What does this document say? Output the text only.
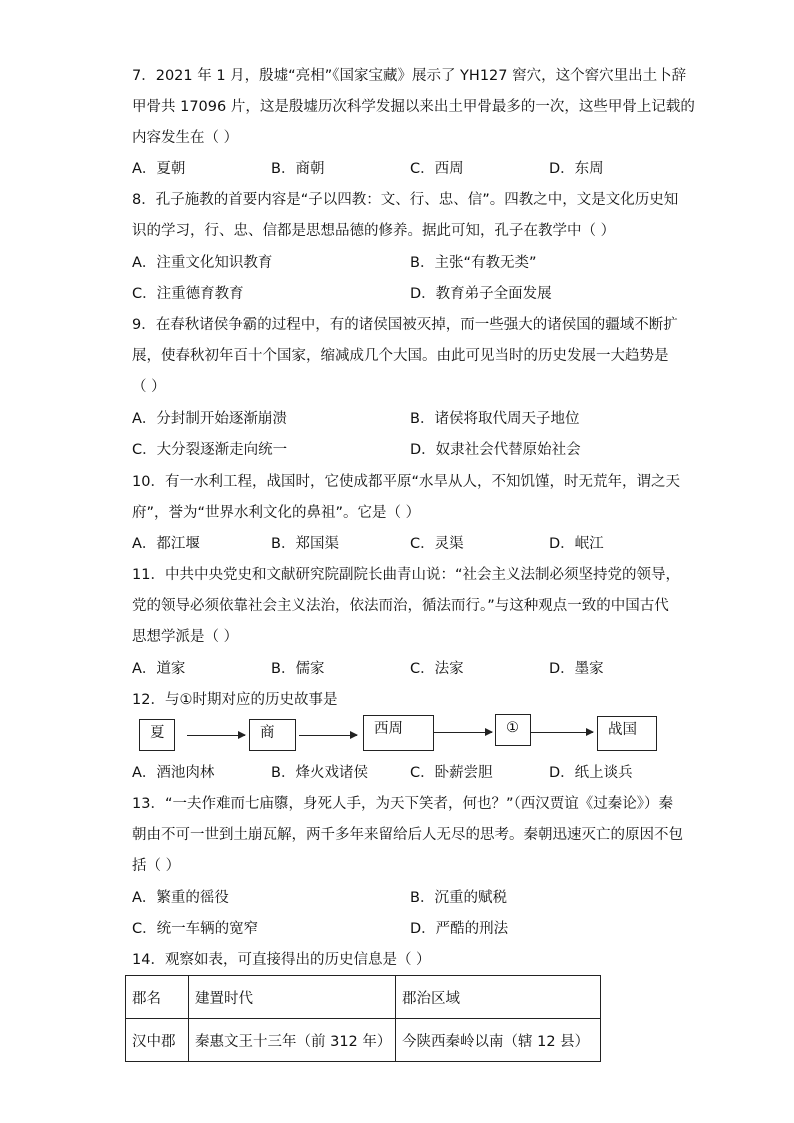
7．2021 年 1 月，殷墟“亮相”《国家宝藏》展示了 YH127 窖穴，这个窖穴里出土卜辞
甲骨共 17096 片，这是殷墟历次科学发掘以来出土甲骨最多的一次，这些甲骨上记载的
内容发生在（ ）
A．夏朝	B．商朝	C．西周	D．东周
8．孔子施教的首要内容是“子以四教：文、行、忠、信”。四教之中，文是文化历史知
识的学习，行、忠、信都是思想品德的修养。据此可知，孔子在教学中（ ）
A．注重文化知识教育	B．主张“有教无类”
C．注重德育教育	D．教育弟子全面发展
9．在春秋诸侯争霸的过程中，有的诸侯国被灭掉，而一些强大的诸侯国的疆域不断扩
展，使春秋初年百十个国家，缩减成几个大国。由此可见当时的历史发展一大趋势是
（ ）
A．分封制开始逐渐崩溃	B．诸侯将取代周天子地位
C．大分裂逐渐走向统一	D．奴隶社会代替原始社会
10．有一水利工程，战国时，它使成都平原“水旱从人，不知饥馑，时无荒年，谓之天
府”，誉为“世界水利文化的鼻祖”。它是（ ）
A．都江堰	B．郑国渠	C．灵渠	D．岷江
11．中共中央党史和文献研究院副院长曲青山说：“社会主义法制必须坚持党的领导，
党的领导必须依靠社会主义法治，依法而治，循法而行。”与这种观点一致的中国古代
思想学派是（ ）
A．道家	B．儒家	C．法家	D．墨家
12．与①时期对应的历史故事是
夏	商	西周	①	战国
A．酒池肉林	B．烽火戏诸侯	C．卧薪尝胆	D．纸上谈兵
13．“一夫作难而七庙隳，身死人手，为天下笑者，何也？”（西汉贾谊《过秦论》）秦
朝由不可一世到土崩瓦解，两千多年来留给后人无尽的思考。秦朝迅速灭亡的原因不包
括（ ）
A．繁重的徭役	B．沉重的赋税
C．统一车辆的宽窄	D．严酷的刑法
14．观察如表，可直接得出的历史信息是（ ）
郡名	建置时代	郡治区域
汉中郡	秦惠文王十三年（前 312 年）	今陕西秦岭以南（辖 12 县）
